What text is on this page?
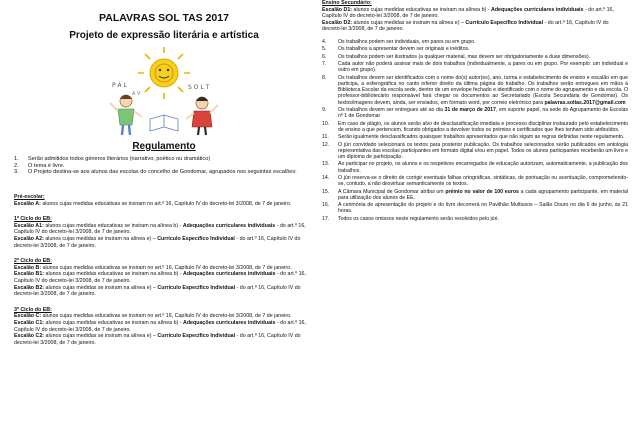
PALAVRAS SOL TAS 2017
Projeto de expressão literária e artística
P A L	S O L T
A V
Regulamento
1.	Serão admitidos todos géneros literários (narrativo, poético ou dramático)
2.	O tema é livre.
3.	O Projeto destina-se aos alunos das escolas do concelho de Gondomar, agrupados nos seguintes escalões:
Pré-escolar:
Escalão A: alunos cujas medidas educativas se insiram no art.º 16, Capítulo IV do decreto-lei 3/2008, de 7 de janeiro.
1º Ciclo do EB:
Escalão A1: alunos cujas medidas educativas se insiram na alínea b) - Adequações curriculares individuais - do art.º 16, Capítulo IV do decreto-lei 3/2008, de 7 de janeiro.
Escalão A2: alunos cujas medidas se insiram na alínea e) – Currículo Específico Individual - do art.º 16, Capítulo IV do decreto-lei 3/2008, de 7 de janeiro.
2º Ciclo do EB:
Escalão B: alunos cujas medidas educativas se insiram no art.º 16, Capítulo IV do decreto-lei 3/2008, de 7 de janeiro.
Escalão B1: alunos cujas medidas educativas se insiram na alínea b) - Adequações curriculares individuais - do art.º 16, Capítulo IV do decreto-lei 3/2008, de 7 de janeiro.
Escalão B2: alunos cujas medidas se insiram na alínea e) – Currículo Específico Individual - do art.º 16, Capítulo IV do decreto-lei 3/2008, de 7 de janeiro.
3º Ciclo do EB:
Escalão C: alunos cujas medidas educativas se insiram no art.º 16, Capítulo IV do decreto-lei 3/2008, de 7 de janeiro.
Escalão C1: alunos cujas medidas educativas se insiram na alínea b) - Adequações curriculares individuais - do art.º 16, Capítulo IV do decreto-lei 3/2008, de 7 de janeiro.
Escalão C2: alunos cujas medidas se insiram na alínea e) – Currículo Específico Individual - do art.º 16, Capítulo IV do decreto-lei 3/2008, de 7 de janeiro.
Ensino Secundário:
Escalão D1: alunos cujas medidas educativas se insiram na alínea b) - Adequações curriculares individuais - do art.º 16, Capítulo IV do decreto-lei 3/2008, de 7 de janeiro.
Escalão D2: alunos cujas medidas se insiram na alínea e) – Currículo Específico Individual - do art.º 16, Capítulo IV do decreto-lei 3/2008, de 7 de janeiro.
4.	Os trabalhos podem ser individuais, em pares ou em grupo.
5.	Os trabalhos a apresentar devem ser originais e inéditos.
6.	Os trabalhos podem ser ilustrados (a qualquer material, mas devem ser obrigatoriamente a duas dimensões).
7.	Cada autor não poderá assinar mais de dois trabalhos (individualmente, a pares ou em grupo. Por exemplo: um individual e outro em grupo).
8.	Os trabalhos devem ser identificados com o nome do(s) autor(es), ano, turma e estabelecimento de ensino e escalão em que participa, a esferográfica no canto inferior direito da última página do trabalho. Os trabalhos serão entregues em mãos à Biblioteca Escolar da escola sede, dentro de um envelope fechado e identificado com o nome do agrupamento e da escola. O professor-bibliotecário responsável fará chegar os documentos ao Secretariado (Escola Secundária de Gondomar). Os textos/imagens devem, ainda, ser enviados, em formato word, por correio eletrónico para palavras.soltas.2017@gmail.com
9.	Os trabalhos devem ser entregues até ao dia 31 de março de 2017, em suporte papel, na sede do Agrupamento de Escolas nº 1 de Gondomar
10.	Em caso de plágio, os alunos serão alvo de desclassificação imediata e processo disciplinar instaurado pelo estabelecimento de ensino a que pertencem, ficando obrigados a devolver todos os prémios e certificados que lhes tenham sido atribuídos.
11.	Serão igualmente desclassificados quaisquer trabalhos apresentados que não sigam as regras definidas neste regulamento.
12.	O júri convidado selecionará os textos para posterior publicação. Os trabalhos selecionados serão publicados em antologia representativa das escolas participantes em formato digital e/ou em papel. Todos os alunos participantes receberão um livro e um diploma de participação.
13.	Ao participar no projeto, os alunos e os respetivos encarregados de educação autorizam, automaticamente, a publicação dos trabalhos.
14.	O júri reserva-se o direito de corrigir eventuais falhas ortográficas, sintáticas, de pontuação ou acentuação, comprometendo-se, contudo, a não desvirtuar semanticamente os textos.
15.	A Câmara Municipal de Gondomar atribui um prémio no valor de 100 euros a cada agrupamento participante, em material para utilização dos alunos de EE.
16.	A cerimónia de apresentação do projeto e do livro decorrerá no Pavilhão Multiusos – Salão Douro no dia 6 de junho, às 21 horas.
17.	Todos os casos omissos neste regulamento serão resolvidos pelo júri.
